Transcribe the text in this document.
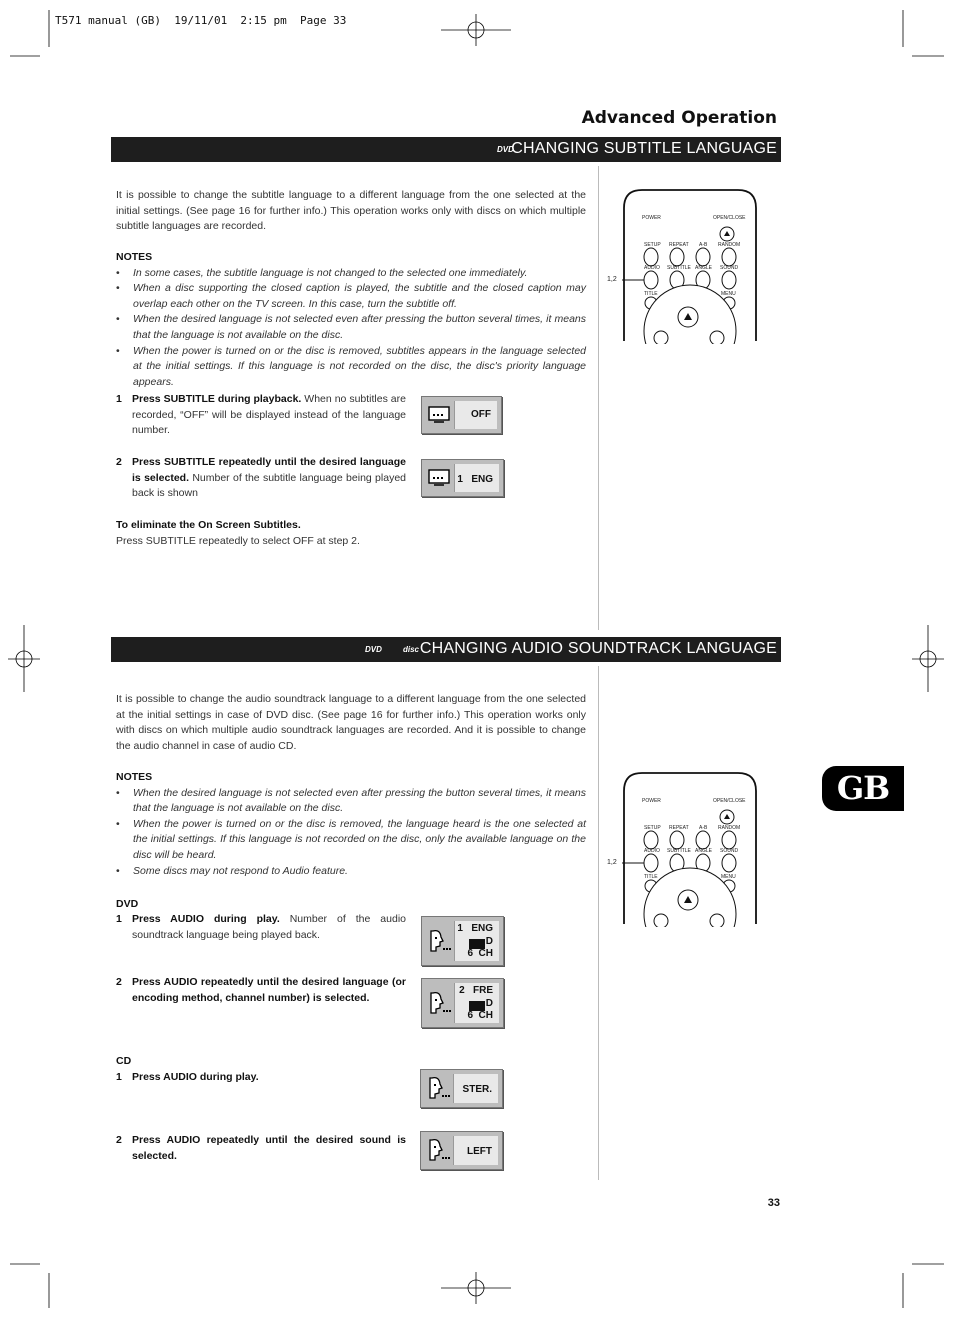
T571 manual (GB)  19/11/01  2:15 pm  Page 33
Advanced Operation
DVD
CHANGING SUBTITLE LANGUAGE
It is possible to change the subtitle language to a different language from the one selected at the initial settings. (See page 16 for further info.) This operation works only with discs on which multiple subtitle languages are recorded.
NOTES
• In some cases, the subtitle language is not changed to the selected one immediately.
• When a disc supporting the closed caption is played, the subtitle and the closed caption may overlap each other on the TV screen. In this case, turn the subtitle off.
• When the desired language is not selected even after pressing the button several times, it means that the language is not available on the disc.
• When the power is turned on or the disc is removed, subtitles appears in the language selected at the initial settings. If this language is not recorded on the disc, the disc's priority language appears.
1 Press SUBTITLE during playback. When no subtitles are recorded, “OFF” will be displayed instead of the language number.
2 Press SUBTITLE repeatedly until the desired language is selected. Number of the subtitle language being played back is shown
OFF
1   ENG
To eliminate the On Screen Subtitles.
Press SUBTITLE repeatedly to select OFF at step 2.
POWER	OPEN/CLOSE
SETUP REPEAT A-B RANDOM
AUDIO SUBTITLE ANGLE SOUND
TITLE	MENU
1,2
DVD	disc CHANGING AUDIO SOUNDTRACK LANGUAGE
It is possible to change the audio soundtrack language to a different language from the one selected at the initial settings in case of DVD disc. (See page 16 for further info.) This operation works only with discs on which multiple audio soundtrack languages are recorded. And it is possible to change the audio channel in case of audio CD.
NOTES
• When the desired language is not selected even after pressing the button several times, it means that the language is not available on the disc.
• When the power is turned on or the disc is removed, the language heard is the one selected at the initial settings. If this language is not recorded on the disc, only the available language on the disc will be heard.
• Some discs may not respond to Audio feature.
DVD
1 Press AUDIO during play. Number of the audio soundtrack language being played back.
2 Press AUDIO repeatedly until the desired language (or encoding method, channel number) is selected.
1   ENG
D
6  CH
2   FRE
D
6  CH
CD
1 Press AUDIO during play.
2 Press AUDIO repeatedly until the desired sound is selected.
STER.
LEFT
POWER	OPEN/CLOSE
SETUP REPEAT A-B RANDOM
AUDIO SUBTITLE ANGLE SOUND
TITLE	MENU
1,2
GB
33
